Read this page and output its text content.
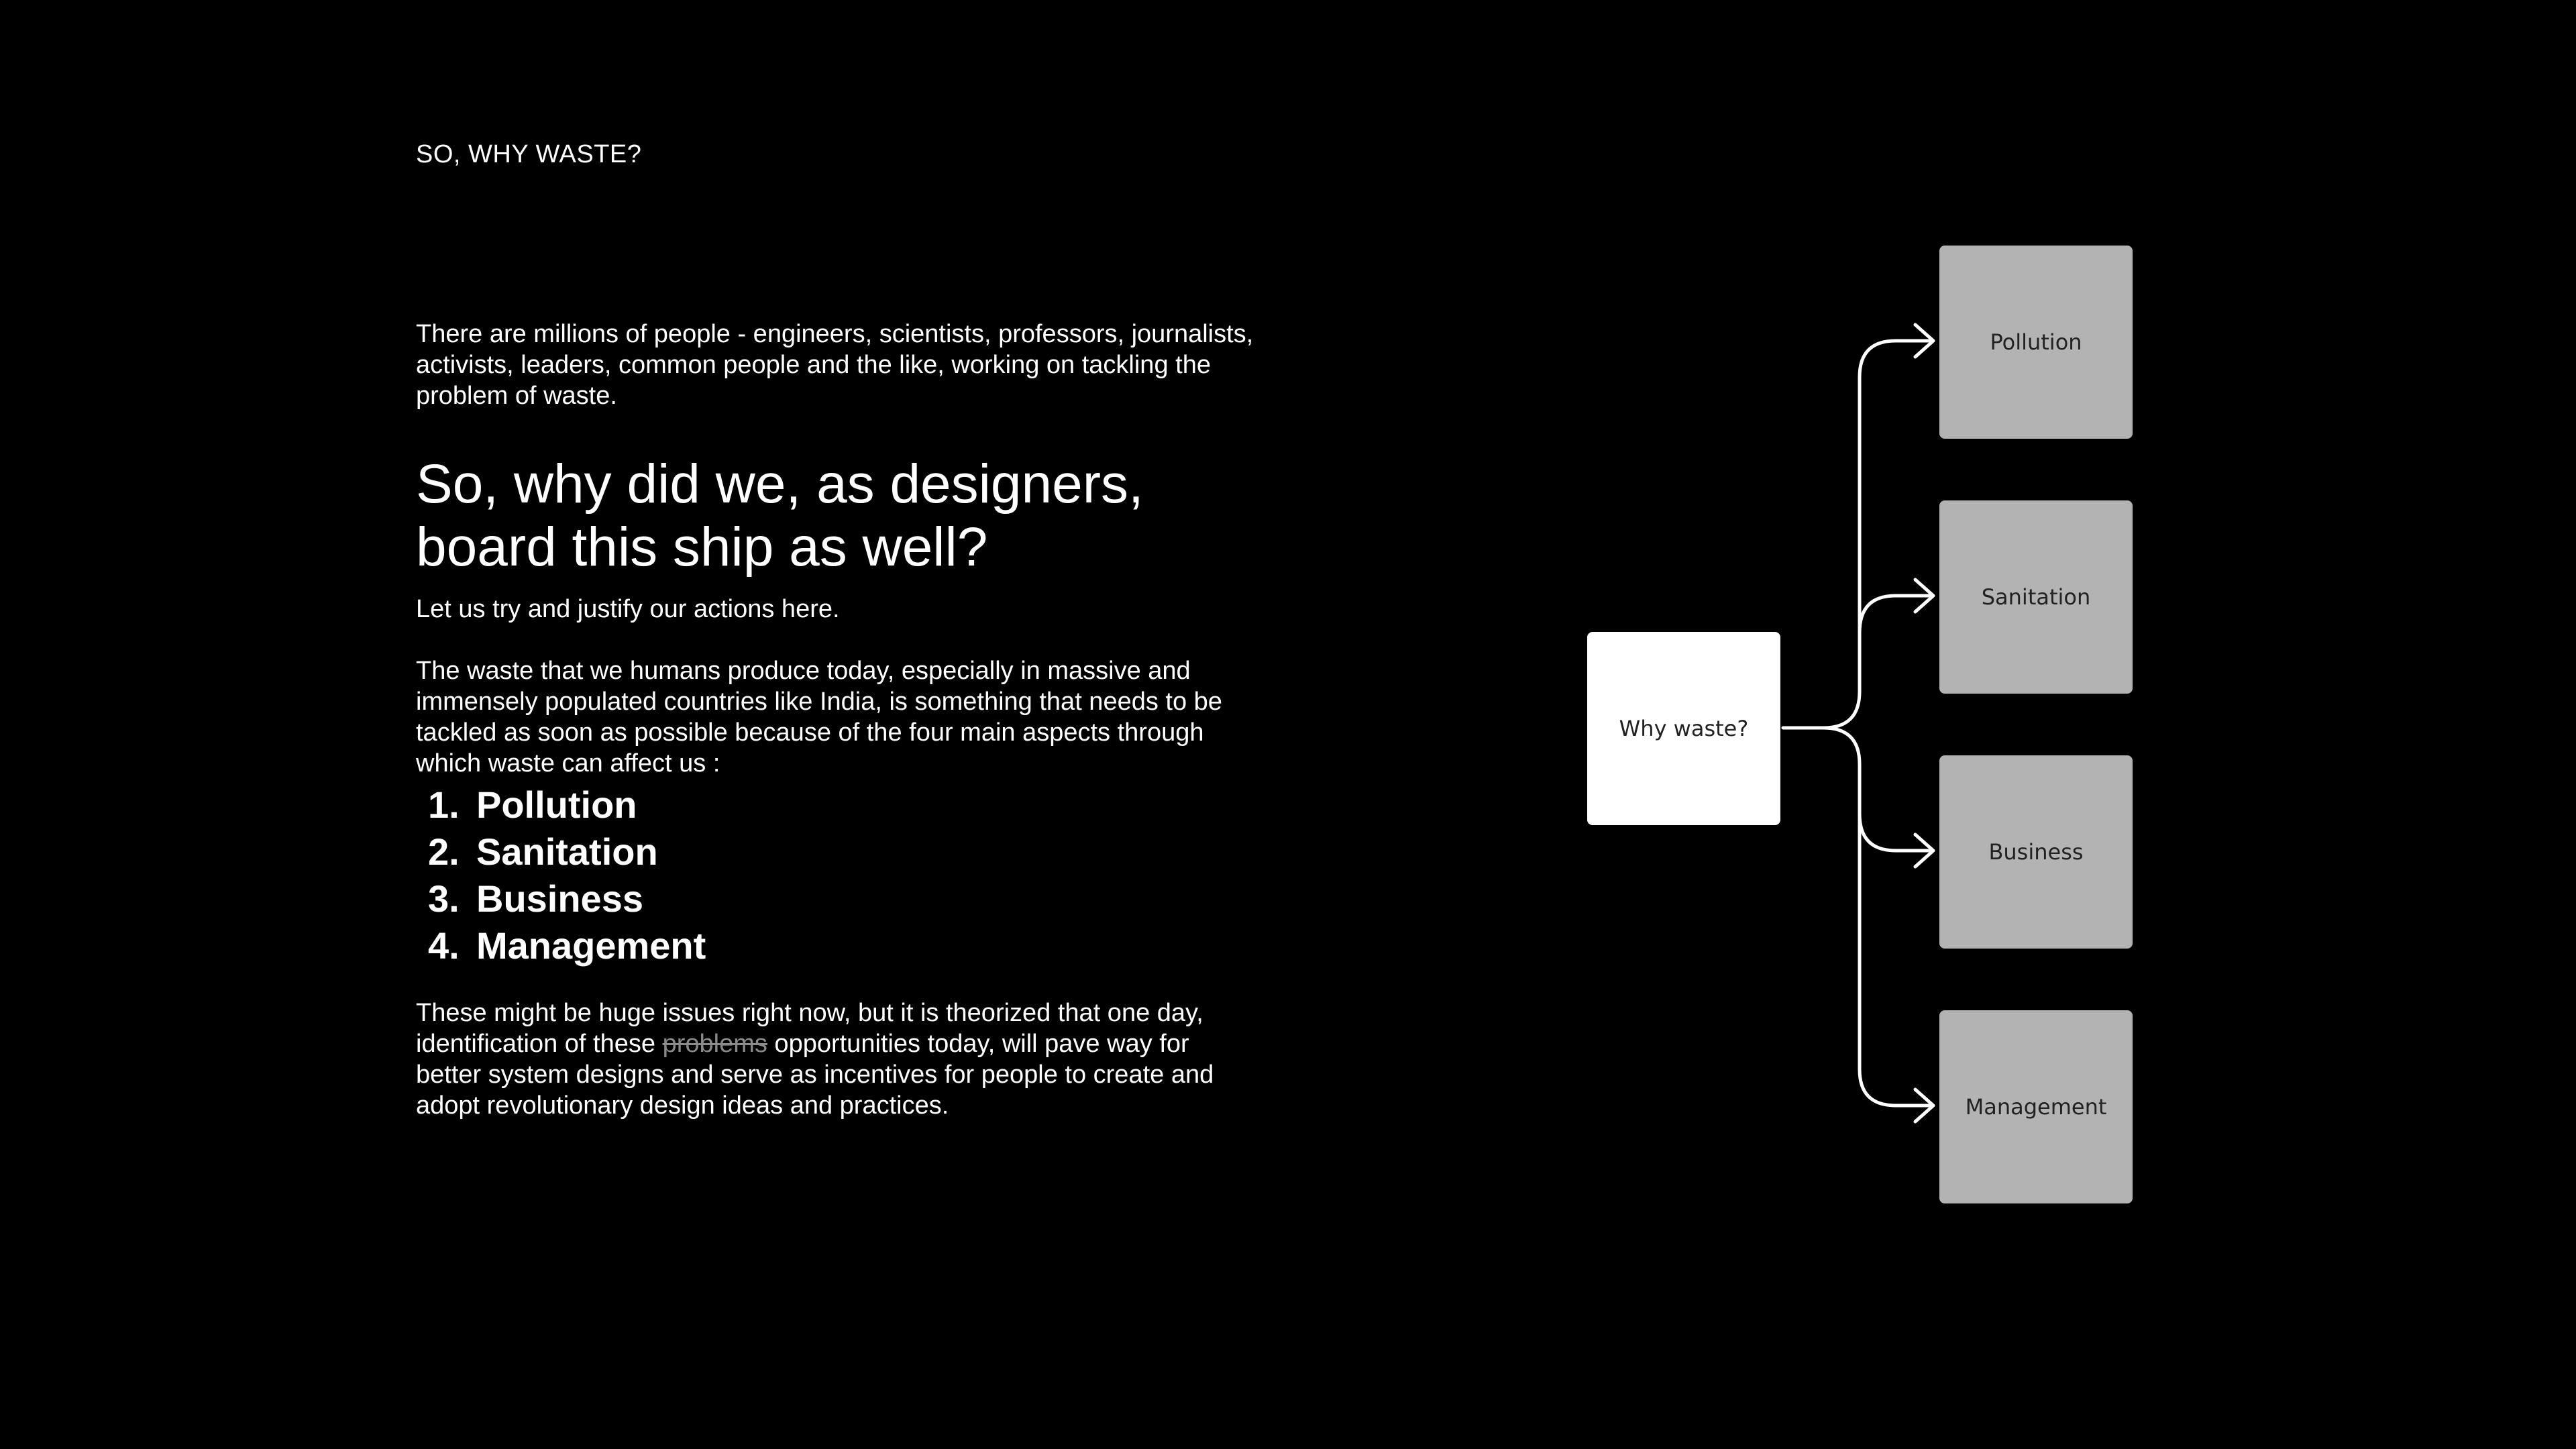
SO, WHY WASTE?

There are millions of people - engineers, scientists, professors, journalists, activists, leaders, common people and the like, working on tackling the problem of waste.

So, why did we, as designers,
board this ship as well?

Let us try and justify our actions here.

The waste that we humans produce today, especially in massive and immensely populated countries like India, is something that needs to be tackled as soon as possible because of the four main aspects through which waste can affect us :

1. Pollution
2. Sanitation
3. Business
4. Management

These might be huge issues right now, but it is theorized that one day, identification of these problems opportunities today, will pave way for better system designs and serve as incentives for people to create and adopt revolutionary design ideas and practices.

Why waste?
Pollution
Sanitation
Business
Management
